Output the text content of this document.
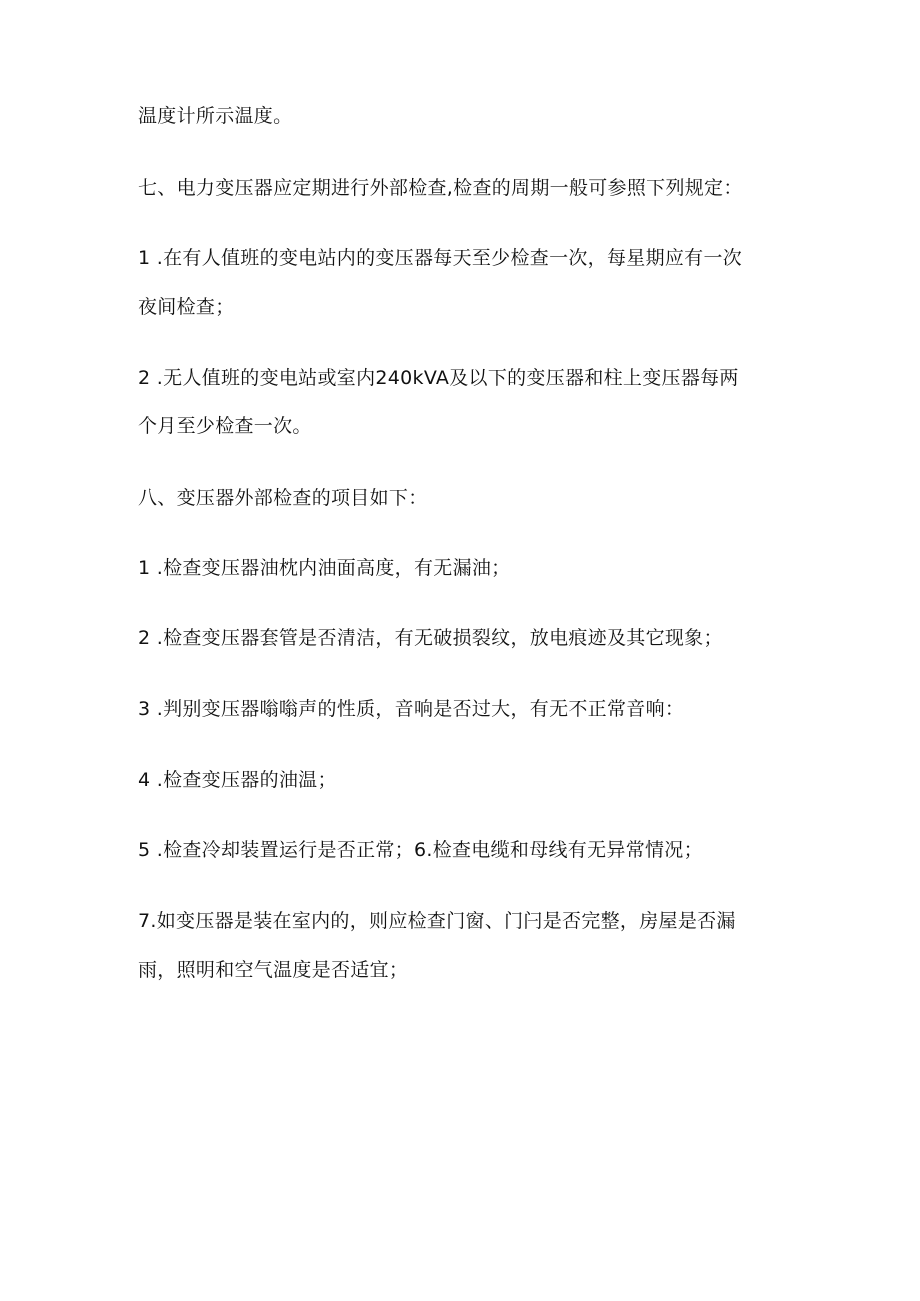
温度计所示温度。
七、电力变压器应定期进行外部检查,检查的周期一般可参照下列规定：
1 .在有人值班的变电站内的变压器每天至少检查一次，每星期应有一次
夜间检查；
2 .无人值班的变电站或室内240kVA及以下的变压器和柱上变压器每两
个月至少检查一次。
八、变压器外部检查的项目如下：
1 .检查变压器油枕内油面高度，有无漏油；
2 .检查变压器套管是否清洁，有无破损裂纹，放电痕迹及其它现象；
3 .判别变压器嗡嗡声的性质，音响是否过大，有无不正常音响：
4 .检查变压器的油温；
5 .检查冷却装置运行是否正常；6.检查电缆和母线有无异常情况；
7.如变压器是装在室内的，则应检查门窗、门闩是否完整，房屋是否漏
雨，照明和空气温度是否适宜；
